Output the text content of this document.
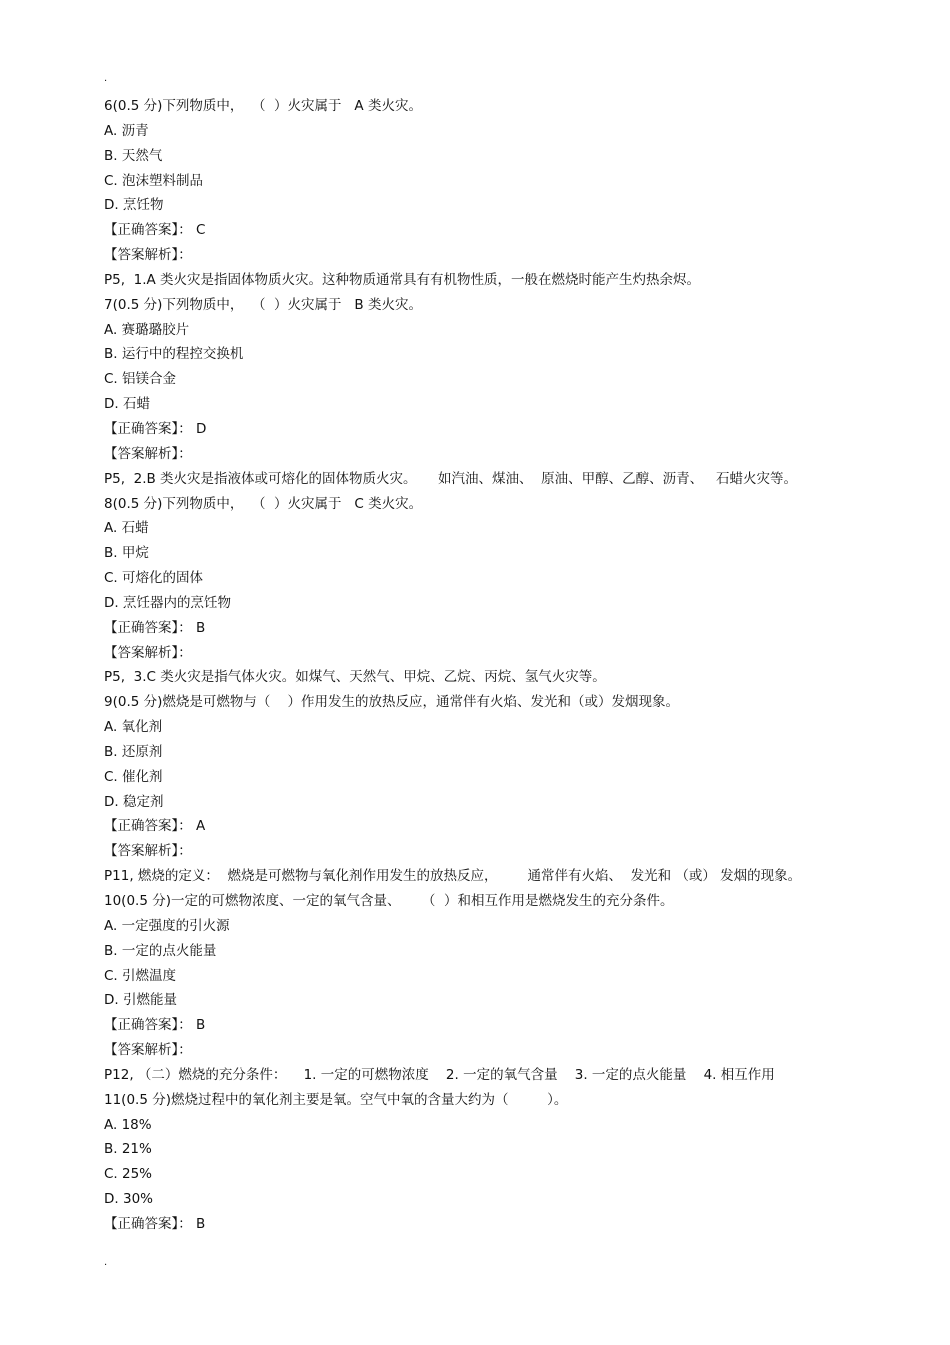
.
6(0.5 分)下列物质中，  （  ）火灾属于   A 类火灾。
A. 沥青
B. 天然气
C. 泡沫塑料制品
D. 烹饪物
【正确答案】： C
【答案解析】：
P5,  1.A 类火灾是指固体物质火灾。这种物质通常具有有机物性质，一般在燃烧时能产生灼热余烬。
7(0.5 分)下列物质中，  （  ）火灾属于   B 类火灾。
A. 赛璐璐胶片
B. 运行中的程控交换机
C. 铝镁合金
D. 石蜡
【正确答案】： D
【答案解析】：
P5,  2.B 类火灾是指液体或可熔化的固体物质火灾。     如汽油、煤油、  原油、甲醇、乙醇、沥青、   石蜡火灾等。
8(0.5 分)下列物质中，  （  ）火灾属于   C 类火灾。
A. 石蜡
B. 甲烷
C. 可熔化的固体
D. 烹饪器内的烹饪物
【正确答案】： B
【答案解析】：
P5,  3.C 类火灾是指气体火灾。如煤气、天然气、甲烷、乙烷、丙烷、氢气火灾等。
9(0.5 分)燃烧是可燃物与（    ）作用发生的放热反应，通常伴有火焰、发光和（或）发烟现象。
A. 氧化剂
B. 还原剂
C. 催化剂
D. 稳定剂
【正确答案】： A
【答案解析】：
P11, 燃烧的定义：  燃烧是可燃物与氧化剂作用发生的放热反应，       通常伴有火焰、  发光和 （或） 发烟的现象。
10(0.5 分)一定的可燃物浓度、一定的氧气含量、     （  ）和相互作用是燃烧发生的充分条件。
A. 一定强度的引火源
B. 一定的点火能量
C. 引燃温度
D. 引燃能量
【正确答案】： B
【答案解析】：
P12, （二）燃烧的充分条件：    1. 一定的可燃物浓度    2. 一定的氧气含量    3. 一定的点火能量    4. 相互作用
11(0.5 分)燃烧过程中的氧化剂主要是氧。空气中氧的含量大约为（         ）。
A. 18%
B. 21%
C. 25%
D. 30%
【正确答案】： B
.
